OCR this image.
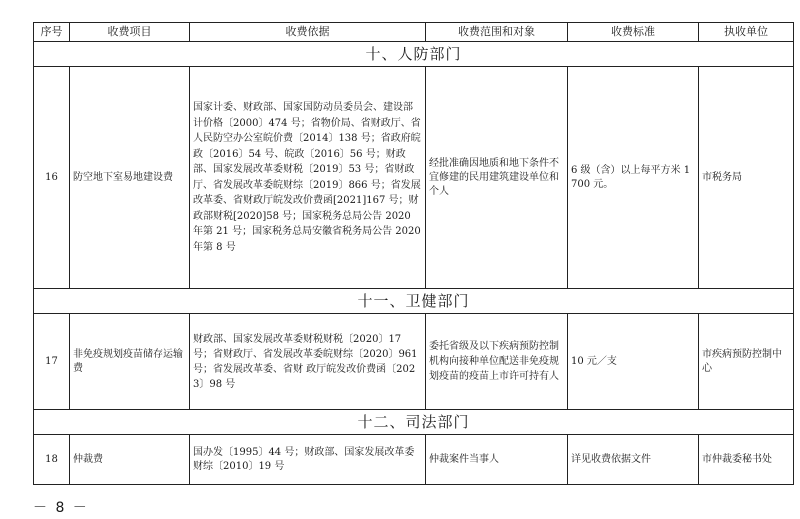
序号	收费项目	收费依据	收费范围和对象	收费标准	执收单位
十、人防部门					
16	防空地下室易地建设费	国家计委、财政部、国家国防动员委员会、建设部计价格〔2000〕474 号；省物价局、省财政厅、省人民防空办公室皖价费〔2014〕138 号；省政府皖政〔2016〕54 号、皖政〔2016〕56 号；财政部、国家发展改革委财税〔2019〕53 号；省财政厅、省发展改革委皖财综〔2019〕866 号；省发展改革委、省财政厅皖发改价费函[2021]167 号；财政部财税[2020]58 号；国家税务总局公告 2020 年第 21 号；国家税务总局安徽省税务局公告 2020 年第 8 号	经批准确因地质和地下条件不宜修建的民用建筑建设单位和个人	6 级（含）以上每平方米 1700 元。	市税务局
十一、卫健部门					
17	非免疫规划疫苗储存运输费	财政部、国家发展改革委财税财税〔2020〕17 号；省财政厅、省发展改革委皖财综〔2020〕961 号；省发展改革委、省财 政厅皖发改价费函〔2023〕98 号	委托省级及以下疾病预防控制机构向接种单位配送非免疫规划疫苗的疫苗上市许可持有人	10 元／支	市疾病预防控制中心
十二、司法部门					
18	仲裁费	国办发〔1995〕44 号；财政部、国家发展改革委财综〔2010〕19 号	仲裁案件当事人	详见收费依据文件	市仲裁委秘书处
－ 8 －
